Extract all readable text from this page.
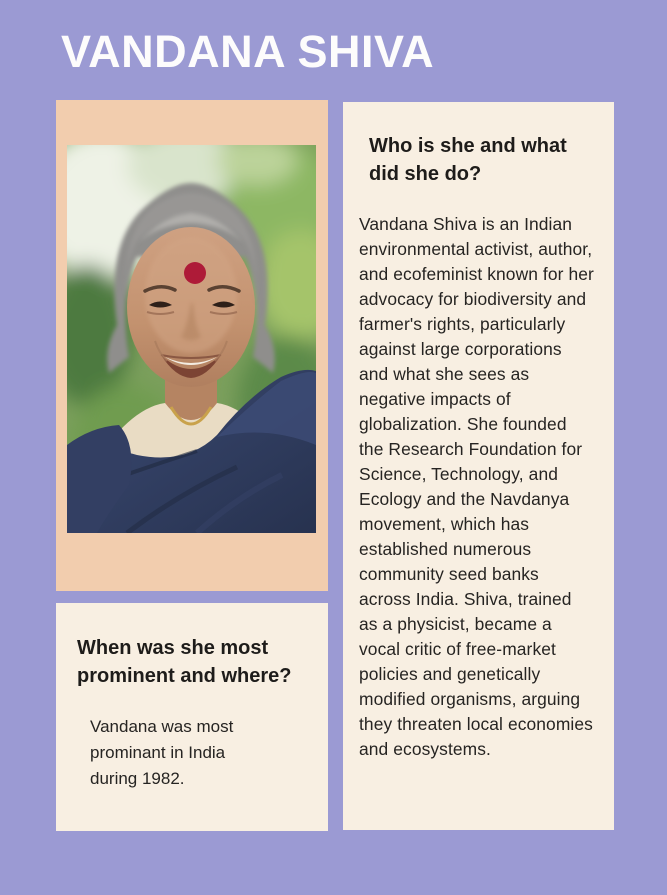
VANDANA SHIVA
When was she most prominent and where?
Vandana was most prominant in India during 1982.
Who is she and what did she do?
Vandana Shiva is an Indian environmental activist, author, and ecofeminist known for her advocacy for biodiversity and farmer's rights, particularly against large corporations and what she sees as negative impacts of globalization. She founded the Research Foundation for Science, Technology, and Ecology and the Navdanya movement, which has established numerous community seed banks across India. Shiva, trained as a physicist, became a vocal critic of free-market policies and genetically modified organisms, arguing they threaten local economies and ecosystems.
